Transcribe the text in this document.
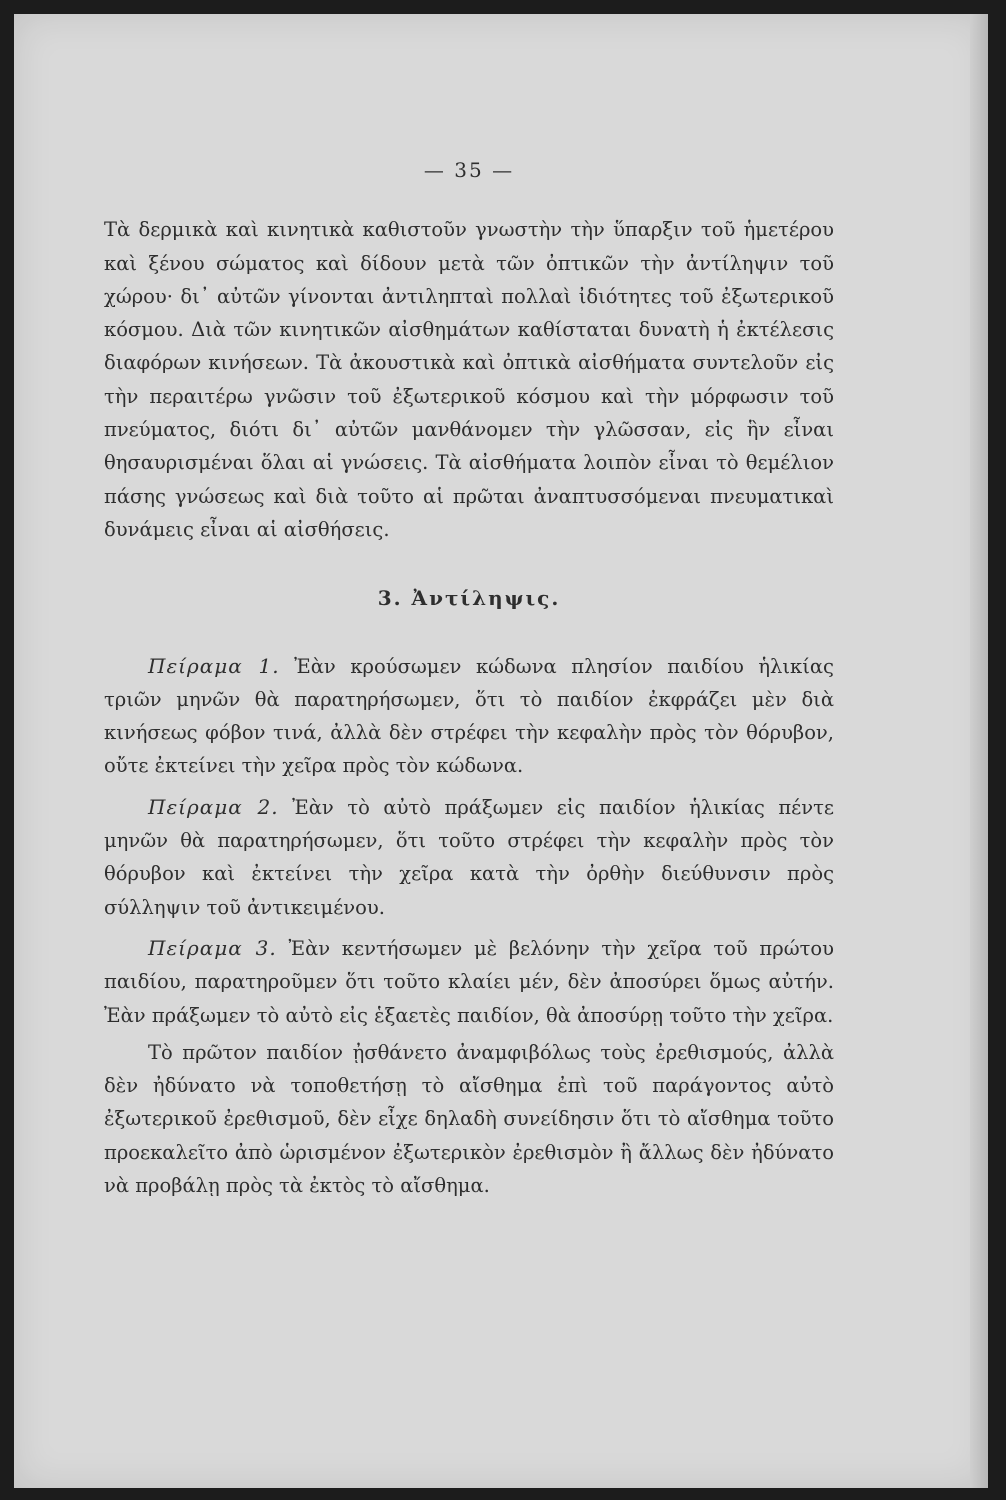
— 35 —

Τὰ δερμικὰ καὶ κινητικὰ καθιστοῦν γνωστὴν τὴν ὕπαρξιν τοῦ ἡμετέρου καὶ ξένου σώματος καὶ δίδουν μετὰ τῶν ὀπτικῶν τὴν ἀντίληψιν τοῦ χώρου· δι᾽ αὐτῶν γίνονται ἀντιληπταὶ πολλαὶ ἰδιότητες τοῦ ἐξωτερικοῦ κόσμου. Διὰ τῶν κινητικῶν αἰσθημάτων καθίσταται δυνατὴ ἡ ἐκτέλεσις διαφόρων κινήσεων. Τὰ ἀκουστικὰ καὶ ὀπτικὰ αἰσθήματα συντελοῦν εἰς τὴν περαιτέρω γνῶσιν τοῦ ἐξωτερικοῦ κόσμου καὶ τὴν μόρφωσιν τοῦ πνεύματος, διότι δι᾽ αὐτῶν μανθάνομεν τὴν γλῶσσαν, εἰς ἣν εἶναι θησαυρισμέναι ὅλαι αἱ γνώσεις. Τὰ αἰσθήματα λοιπὸν εἶναι τὸ θεμέλιον πάσης γνώσεως καὶ διὰ τοῦτο αἱ πρῶται ἀναπτυσσόμεναι πνευματικαὶ δυνάμεις εἶναι αἱ αἰσθήσεις.

3. Ἀντίληψις.

Πείραμα 1. Ἐὰν κρούσωμεν κώδωνα πλησίον παιδίου ἡλικίας τριῶν μηνῶν θὰ παρατηρήσωμεν, ὅτι τὸ παιδίον ἐκφράζει μὲν διὰ κινήσεως φόβον τινά, ἀλλὰ δὲν στρέφει τὴν κεφαλὴν πρὸς τὸν θόρυβον, οὔτε ἐκτείνει τὴν χεῖρα πρὸς τὸν κώδωνα.

Πείραμα 2. Ἐὰν τὸ αὐτὸ πράξωμεν εἰς παιδίον ἡλικίας πέντε μηνῶν θὰ παρατηρήσωμεν, ὅτι τοῦτο στρέφει τὴν κεφαλὴν πρὸς τὸν θόρυβον καὶ ἐκτείνει τὴν χεῖρα κατὰ τὴν ὀρθὴν διεύθυνσιν πρὸς σύλληψιν τοῦ ἀντικειμένου.

Πείραμα 3. Ἐὰν κεντήσωμεν μὲ βελόνην τὴν χεῖρα τοῦ πρώτου παιδίου, παρατηροῦμεν ὅτι τοῦτο κλαίει μέν, δὲν ἀποσύρει ὅμως αὐτήν. Ἐὰν πράξωμεν τὸ αὐτὸ εἰς ἑξαετὲς παιδίον, θὰ ἀποσύρῃ τοῦτο τὴν χεῖρα.

Τὸ πρῶτον παιδίον ᾐσθάνετο ἀναμφιβόλως τοὺς ἐρεθισμούς, ἀλλὰ δὲν ἠδύνατο νὰ τοποθετήσῃ τὸ αἴσθημα ἐπὶ τοῦ παράγοντος αὐτὸ ἐξωτερικοῦ ἐρεθισμοῦ, δὲν εἶχε δηλαδὴ συνείδησιν ὅτι τὸ αἴσθημα τοῦτο προεκαλεῖτο ἀπὸ ὡρισμένον ἐξωτερικὸν ἐρεθισμὸν ἢ ἄλλως δὲν ἠδύνατο νὰ προβάλῃ πρὸς τὰ ἐκτὸς τὸ αἴσθημα.
